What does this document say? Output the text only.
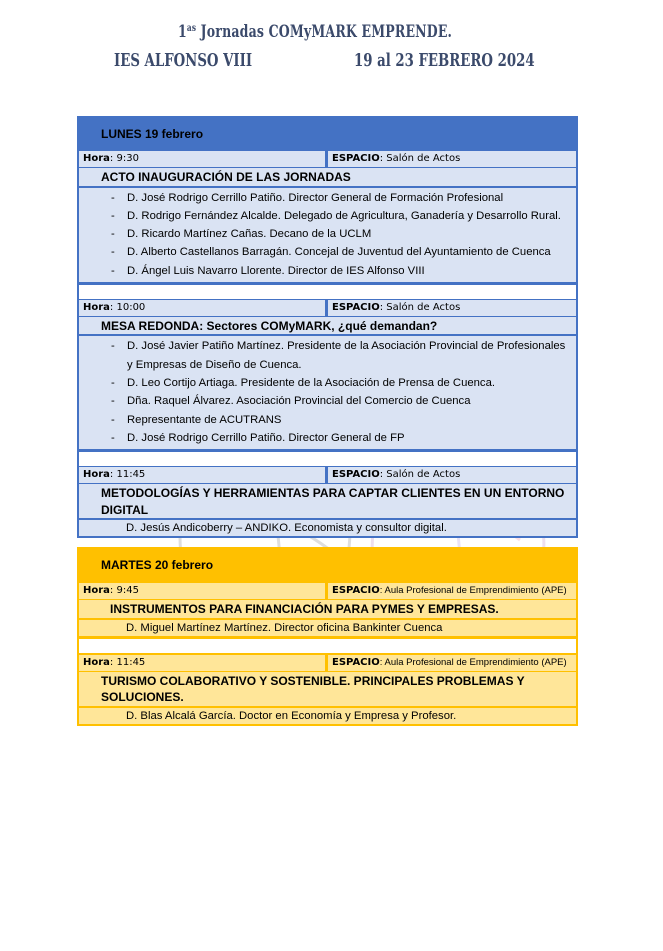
$1^{as}$ Jornadas COMyMARK EMPRENDE.
IES ALFONSO VIII	19 al 23 FEBRERO 2024
LUNES 19 febrero
Hora: 9:30	ESPACIO: Salón de Actos
ACTO INAUGURACIÓN DE LAS JORNADAS
-	D. José Rodrigo Cerrillo Patiño. Director General de Formación Profesional
-	D. Rodrigo Fernández Alcalde. Delegado de Agricultura, Ganadería y Desarrollo Rural.
-	D. Ricardo Martínez Cañas. Decano de la UCLM
-	D. Alberto Castellanos Barragán. Concejal de Juventud del Ayuntamiento de Cuenca
-	D. Ángel Luis Navarro Llorente. Director de IES Alfonso VIII
Hora: 10:00	ESPACIO: Salón de Actos
MESA REDONDA: Sectores COMyMARK, ¿qué demandan?
-	D. José Javier Patiño Martínez. Presidente de la Asociación Provincial de Profesionales y Empresas de Diseño de Cuenca.
-	D. Leo Cortijo Artiaga. Presidente de la Asociación de Prensa de Cuenca.
-	Dña. Raquel Álvarez. Asociación Provincial del Comercio de Cuenca
-	Representante de ACUTRANS
-	D. José Rodrigo Cerrillo Patiño. Director General de FP
Hora: 11:45	ESPACIO: Salón de Actos
METODOLOGÍAS Y HERRAMIENTAS PARA CAPTAR CLIENTES EN UN ENTORNO DIGITAL
D. Jesús Andicoberry – ANDIKO. Economista y consultor digital.
MARTES 20 febrero
Hora: 9:45	ESPACIO: Aula Profesional de Emprendimiento (APE)
INSTRUMENTOS PARA FINANCIACIÓN PARA PYMES Y EMPRESAS.
D. Miguel Martínez Martínez. Director oficina Bankinter Cuenca
Hora: 11:45	ESPACIO: Aula Profesional de Emprendimiento (APE)
TURISMO COLABORATIVO Y SOSTENIBLE. PRINCIPALES PROBLEMAS Y SOLUCIONES.
D. Blas Alcalá García. Doctor en Economía y Empresa y Profesor.
